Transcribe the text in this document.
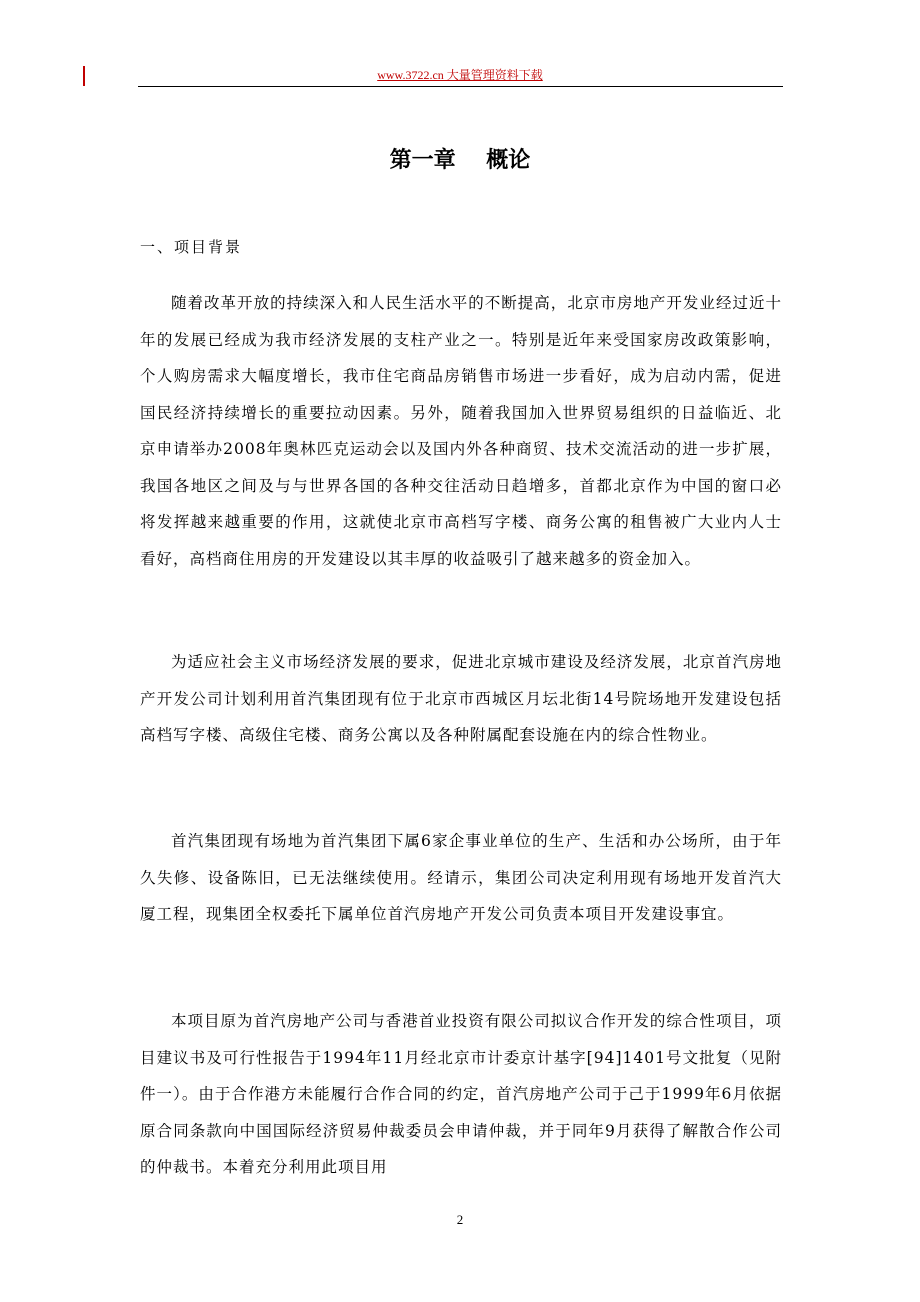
www.3722.cn 大量管理资料下载
第一章    概论
一、项目背景

随着改革开放的持续深入和人民生活水平的不断提高，北京市房地产开发业经过近十年的发展已经成为我市经济发展的支柱产业之一。特别是近年来受国家房改政策影响，个人购房需求大幅度增长，我市住宅商品房销售市场进一步看好，成为启动内需，促进国民经济持续增长的重要拉动因素。另外，随着我国加入世界贸易组织的日益临近、北京申请举办2008年奥林匹克运动会以及国内外各种商贸、技术交流活动的进一步扩展，我国各地区之间及与与世界各国的各种交往活动日趋增多，首都北京作为中国的窗口必将发挥越来越重要的作用，这就使北京市高档写字楼、商务公寓的租售被广大业内人士看好，高档商住用房的开发建设以其丰厚的收益吸引了越来越多的资金加入。

为适应社会主义市场经济发展的要求，促进北京城市建设及经济发展，北京首汽房地产开发公司计划利用首汽集团现有位于北京市西城区月坛北街14号院场地开发建设包括高档写字楼、高级住宅楼、商务公寓以及各种附属配套设施在内的综合性物业。

首汽集团现有场地为首汽集团下属6家企事业单位的生产、生活和办公场所，由于年久失修、设备陈旧，已无法继续使用。经请示，集团公司决定利用现有场地开发首汽大厦工程，现集团全权委托下属单位首汽房地产开发公司负责本项目开发建设事宜。

本项目原为首汽房地产公司与香港首业投资有限公司拟议合作开发的综合性项目，项目建议书及可行性报告于1994年11月经北京市计委京计基字[94]1401号文批复（见附件一）。由于合作港方未能履行合作合同的约定，首汽房地产公司于己于1999年6月依据原合同条款向中国国际经济贸易仲裁委员会申请仲裁，并于同年9月获得了解散合作公司的仲裁书。本着充分利用此项目用

2
